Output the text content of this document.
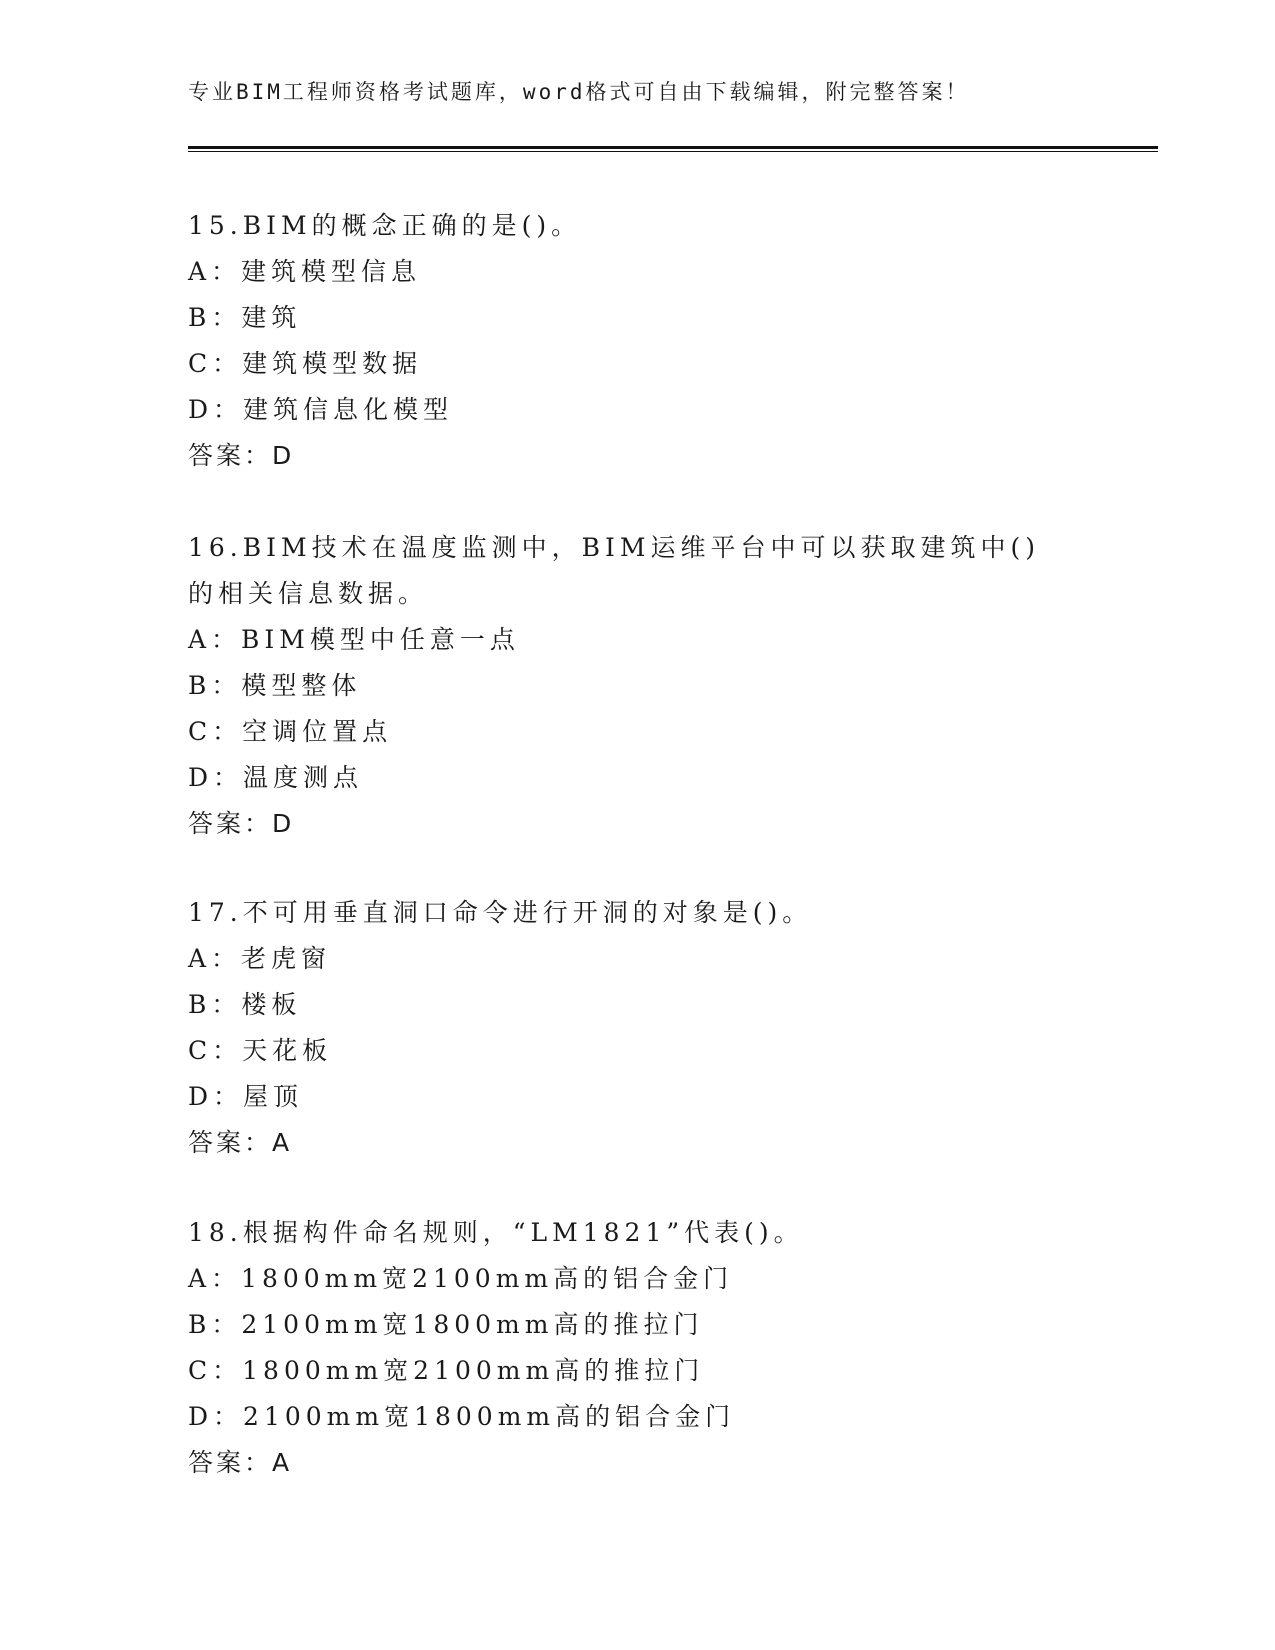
专业BIM工程师资格考试题库，word格式可自由下载编辑，附完整答案！
15.BIM的概念正确的是()。
A：建筑模型信息
B：建筑
C：建筑模型数据
D：建筑信息化模型
答案：D
16.BIM技术在温度监测中，BIM运维平台中可以获取建筑中()的相关信息数据。
A：BIM模型中任意一点
B：模型整体
C：空调位置点
D：温度测点
答案：D
17.不可用垂直洞口命令进行开洞的对象是()。
A：老虎窗
B：楼板
C：天花板
D：屋顶
答案：A
18.根据构件命名规则，“LM1821”代表()。
A：1800mm宽2100mm高的铝合金门
B：2100mm宽1800mm高的推拉门
C：1800mm宽2100mm高的推拉门
D：2100mm宽1800mm高的铝合金门
答案：A
